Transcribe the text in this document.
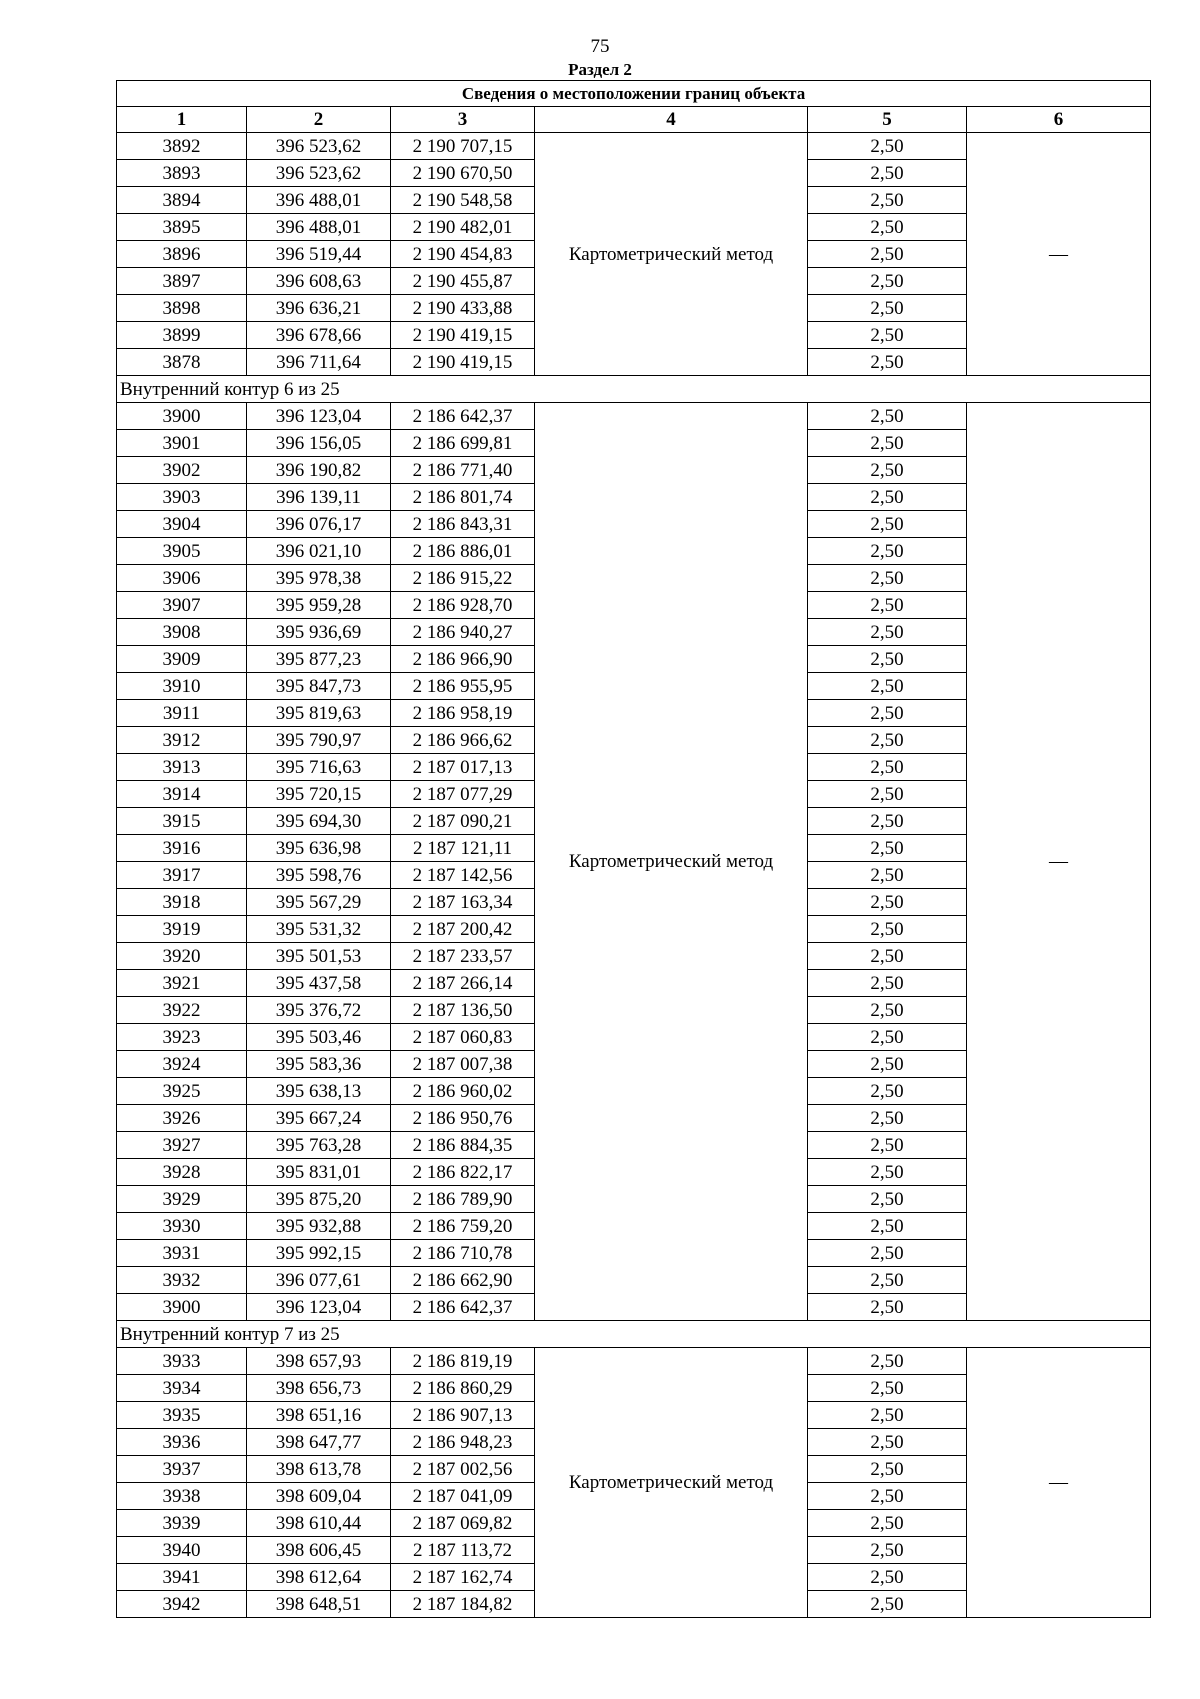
75
Раздел 2
Сведения о местоположении границ объекта					
1	2	3	4	5	6
3892	396 523,62	2 190 707,15	Картометрический метод	2,50	—
3893	396 523,62	2 190 670,50		2,50	
3894	396 488,01	2 190 548,58		2,50	
3895	396 488,01	2 190 482,01		2,50	
3896	396 519,44	2 190 454,83		2,50	
3897	396 608,63	2 190 455,87		2,50	
3898	396 636,21	2 190 433,88		2,50	
3899	396 678,66	2 190 419,15		2,50	
3878	396 711,64	2 190 419,15		2,50	
Внутренний контур 6 из 25					
3900	396 123,04	2 186 642,37	Картометрический метод	2,50	—
3901	396 156,05	2 186 699,81		2,50	
3902	396 190,82	2 186 771,40		2,50	
3903	396 139,11	2 186 801,74		2,50	
3904	396 076,17	2 186 843,31		2,50	
3905	396 021,10	2 186 886,01		2,50	
3906	395 978,38	2 186 915,22		2,50	
3907	395 959,28	2 186 928,70		2,50	
3908	395 936,69	2 186 940,27		2,50	
3909	395 877,23	2 186 966,90		2,50	
3910	395 847,73	2 186 955,95		2,50	
3911	395 819,63	2 186 958,19		2,50	
3912	395 790,97	2 186 966,62		2,50	
3913	395 716,63	2 187 017,13		2,50	
3914	395 720,15	2 187 077,29		2,50	
3915	395 694,30	2 187 090,21		2,50	
3916	395 636,98	2 187 121,11		2,50	
3917	395 598,76	2 187 142,56		2,50	
3918	395 567,29	2 187 163,34		2,50	
3919	395 531,32	2 187 200,42		2,50	
3920	395 501,53	2 187 233,57		2,50	
3921	395 437,58	2 187 266,14		2,50	
3922	395 376,72	2 187 136,50		2,50	
3923	395 503,46	2 187 060,83		2,50	
3924	395 583,36	2 187 007,38		2,50	
3925	395 638,13	2 186 960,02		2,50	
3926	395 667,24	2 186 950,76		2,50	
3927	395 763,28	2 186 884,35		2,50	
3928	395 831,01	2 186 822,17		2,50	
3929	395 875,20	2 186 789,90		2,50	
3930	395 932,88	2 186 759,20		2,50	
3931	395 992,15	2 186 710,78		2,50	
3932	396 077,61	2 186 662,90		2,50	
3900	396 123,04	2 186 642,37		2,50	
Внутренний контур 7 из 25					
3933	398 657,93	2 186 819,19	Картометрический метод	2,50	—
3934	398 656,73	2 186 860,29		2,50	
3935	398 651,16	2 186 907,13		2,50	
3936	398 647,77	2 186 948,23		2,50	
3937	398 613,78	2 187 002,56		2,50	
3938	398 609,04	2 187 041,09		2,50	
3939	398 610,44	2 187 069,82		2,50	
3940	398 606,45	2 187 113,72		2,50	
3941	398 612,64	2 187 162,74		2,50	
3942	398 648,51	2 187 184,82		2,50	
